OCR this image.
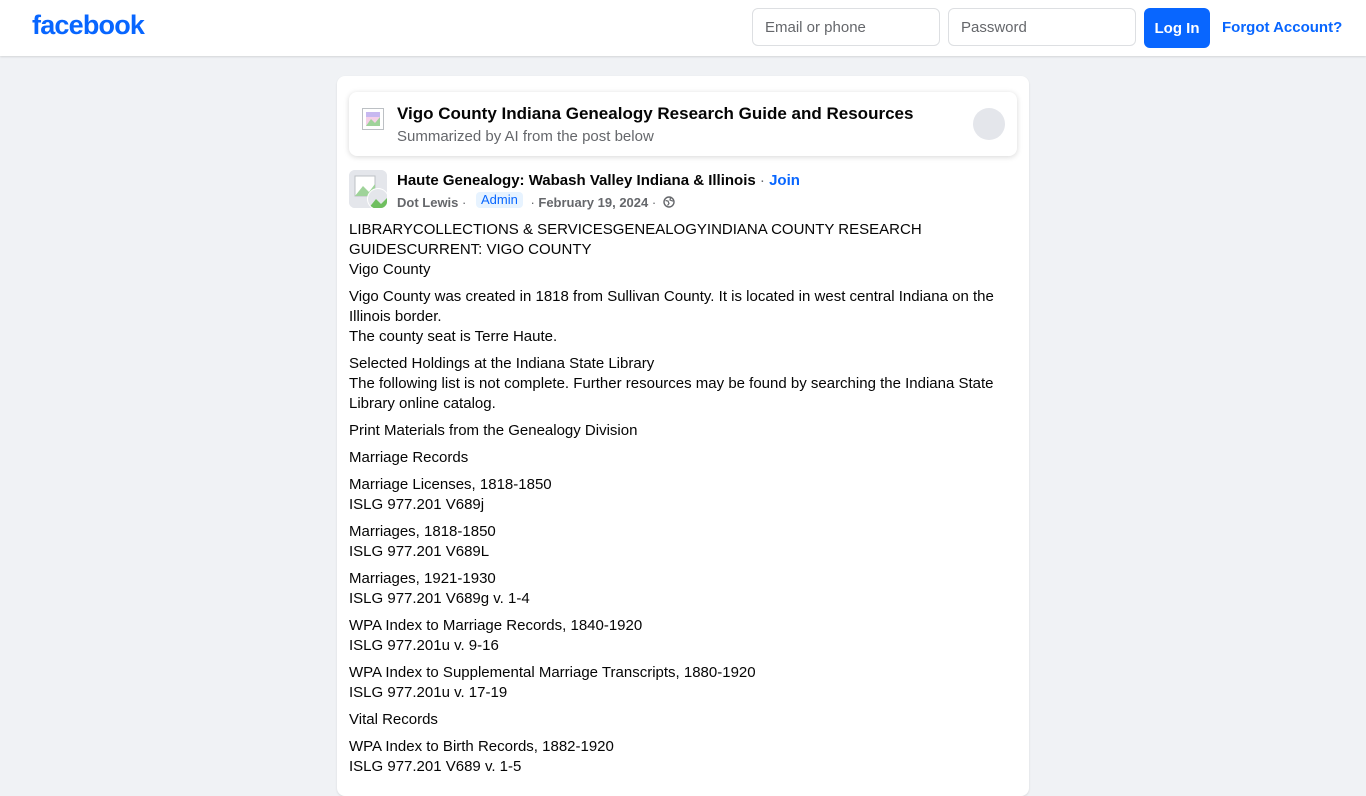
facebook
Email or phone	Log In	Forgot Account?
Vigo County Indiana Genealogy Research Guide and Resources
Summarized by AI from the post below
Haute Genealogy: Wabash Valley Indiana & Illinois · Join
Dot Lewis · Admin · February 19, 2024 ·

LIBRARYCOLLECTIONS & SERVICESGENEALOGYINDIANA COUNTY RESEARCH GUIDESCURRENT: VIGO COUNTY
Vigo County

Vigo County was created in 1818 from Sullivan County. It is located in west central Indiana on the Illinois border.
The county seat is Terre Haute.

Selected Holdings at the Indiana State Library
The following list is not complete. Further resources may be found by searching the Indiana State Library online catalog.

Print Materials from the Genealogy Division

Marriage Records

Marriage Licenses, 1818-1850
ISLG 977.201 V689j

Marriages, 1818-1850
ISLG 977.201 V689L

Marriages, 1921-1930
ISLG 977.201 V689g v. 1-4

WPA Index to Marriage Records, 1840-1920
ISLG 977.201u v. 9-16

WPA Index to Supplemental Marriage Transcripts, 1880-1920
ISLG 977.201u v. 17-19

Vital Records

WPA Index to Birth Records, 1882-1920
ISLG 977.201 V689 v. 1-5
